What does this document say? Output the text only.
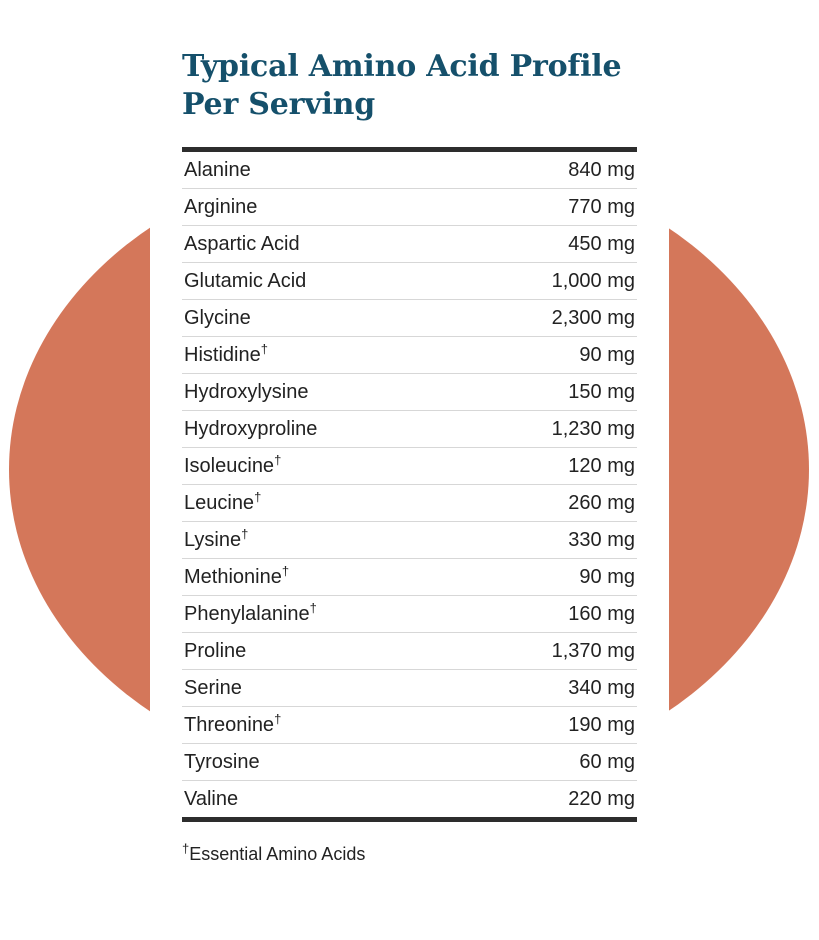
Typical Amino Acid Profile Per Serving
Alanine	840 mg
Arginine	770 mg
Aspartic Acid	450 mg
Glutamic Acid	1,000 mg
Glycine	2,300 mg
Histidine†	90 mg
Hydroxylysine	150 mg
Hydroxyproline	1,230 mg
Isoleucine†	120 mg
Leucine†	260 mg
Lysine†	330 mg
Methionine†	90 mg
Phenylalanine†	160 mg
Proline	1,370 mg
Serine	340 mg
Threonine†	190 mg
Tyrosine	60 mg
Valine	220 mg
†Essential Amino Acids
